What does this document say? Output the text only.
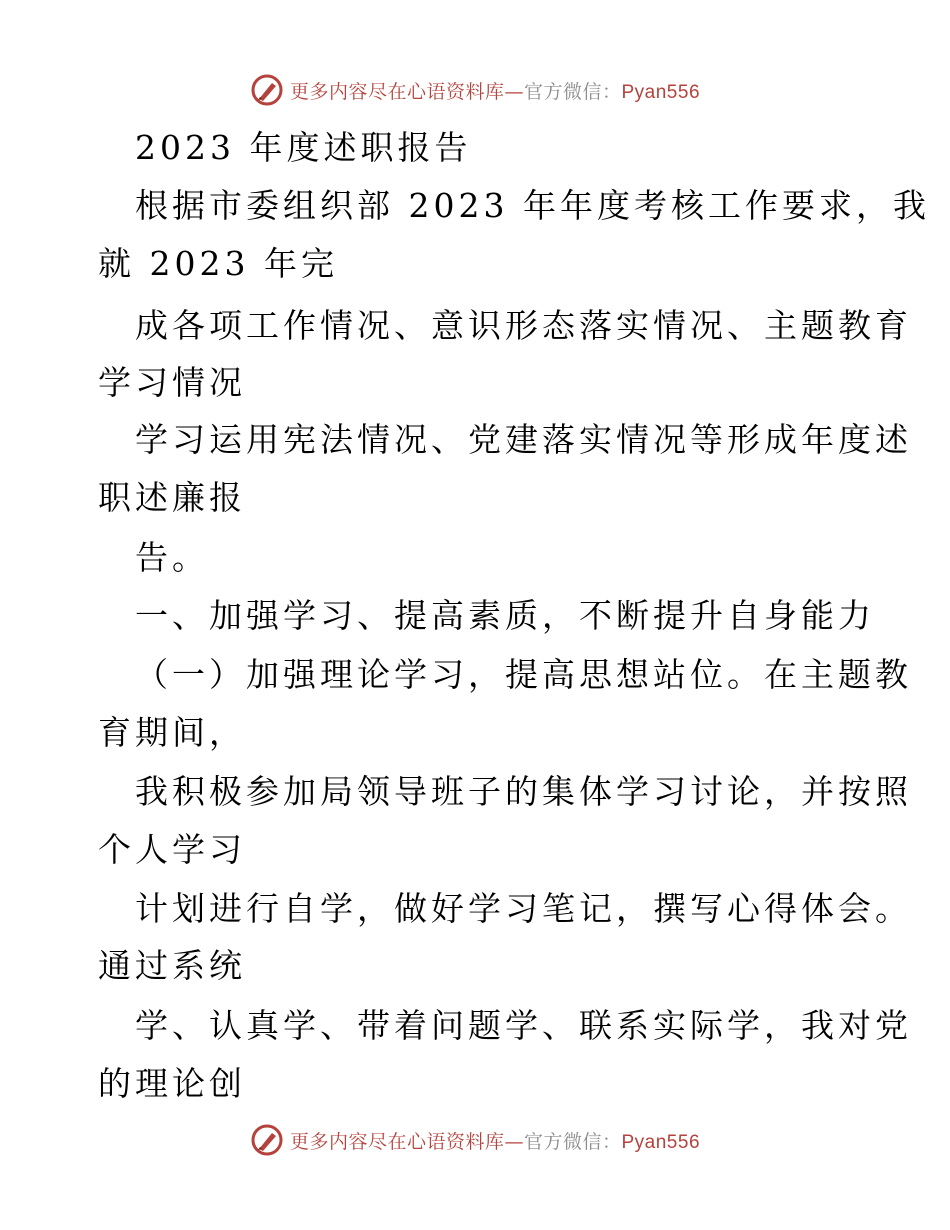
更多内容尽在心语资料库—官方微信：Pyan556
2023 年度述职报告
根据市委组织部 2023 年年度考核工作要求，我
就 2023 年完
成各项工作情况、意识形态落实情况、主题教育
学习情况
学习运用宪法情况、党建落实情况等形成年度述
职述廉报
告。
一、加强学习、提高素质，不断提升自身能力
（一）加强理论学习，提高思想站位。在主题教
育期间，
我积极参加局领导班子的集体学习讨论，并按照
个人学习
计划进行自学，做好学习笔记，撰写心得体会。
通过系统
学、认真学、带着问题学、联系实际学，我对党
的理论创
更多内容尽在心语资料库—官方微信：Pyan556
